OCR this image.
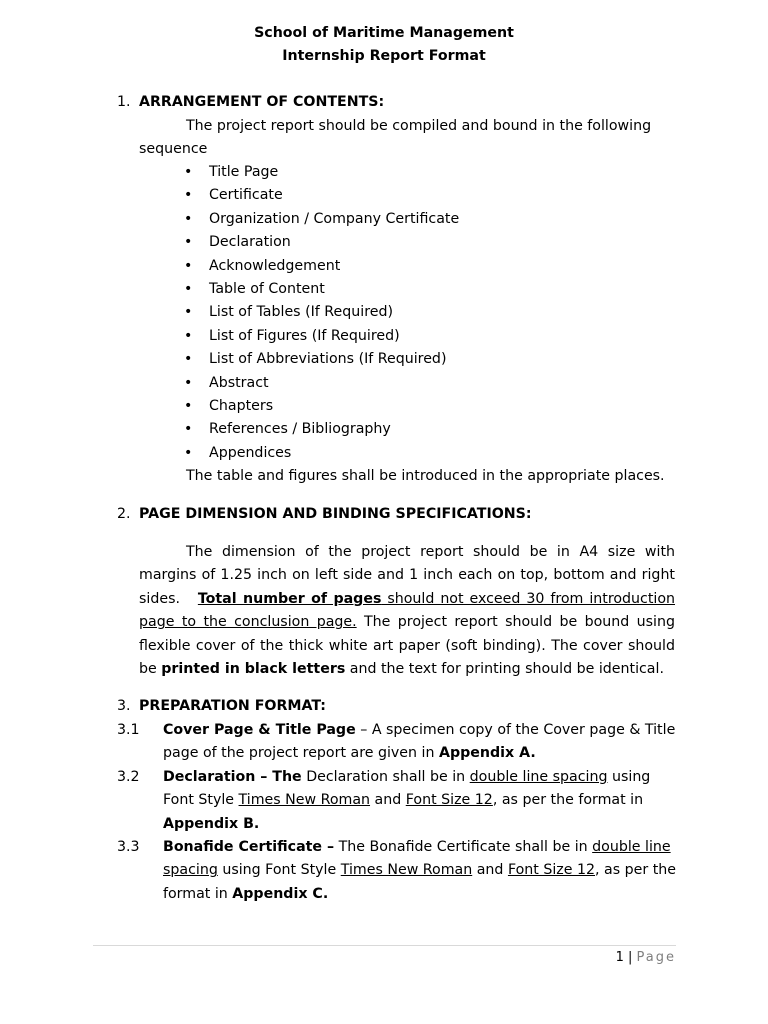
School of Maritime Management
Internship Report Format
1. ARRANGEMENT OF CONTENTS:
The project report should be compiled and bound in the following
sequence
• Title Page
• Certificate
• Organization / Company Certificate
• Declaration
• Acknowledgement
• Table of Content
• List of Tables (If Required)
• List of Figures (If Required)
• List of Abbreviations (If Required)
• Abstract
• Chapters
• References / Bibliography
• Appendices
The table and figures shall be introduced in the appropriate places.
2. PAGE DIMENSION AND BINDING SPECIFICATIONS:
The dimension of the project report should be in A4 size with margins of 1.25 inch on left side and 1 inch each on top, bottom and right sides. Total number of pages should not exceed 30 from introduction page to the conclusion page. The project report should be bound using flexible cover of the thick white art paper (soft binding). The cover should be printed in black letters and the text for printing should be identical.
3. PREPARATION FORMAT:
3.1 Cover Page & Title Page – A specimen copy of the Cover page & Title page of the project report are given in Appendix A.
3.2 Declaration – The Declaration shall be in double line spacing using Font Style Times New Roman and Font Size 12, as per the format in Appendix B.
3.3 Bonafide Certificate – The Bonafide Certificate shall be in double line spacing using Font Style Times New Roman and Font Size 12, as per the format in Appendix C.
1 | Page
